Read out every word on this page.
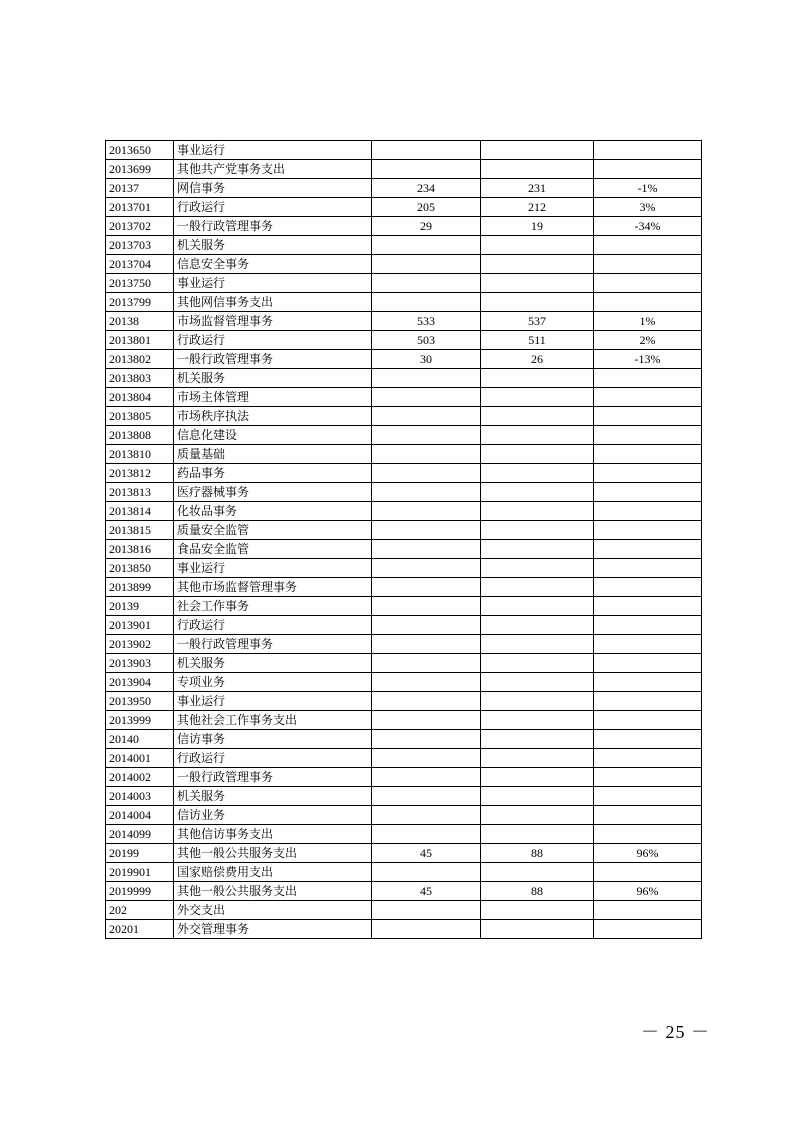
2013650	事业运行			
2013699	其他共产党事务支出			
20137	网信事务	234	231	-1%
2013701	行政运行	205	212	3%
2013702	一般行政管理事务	29	19	-34%
2013703	机关服务			
2013704	信息安全事务			
2013750	事业运行			
2013799	其他网信事务支出			
20138	市场监督管理事务	533	537	1%
2013801	行政运行	503	511	2%
2013802	一般行政管理事务	30	26	-13%
2013803	机关服务			
2013804	市场主体管理			
2013805	市场秩序执法			
2013808	信息化建设			
2013810	质量基础			
2013812	药品事务			
2013813	医疗器械事务			
2013814	化妆品事务			
2013815	质量安全监管			
2013816	食品安全监管			
2013850	事业运行			
2013899	其他市场监督管理事务			
20139	社会工作事务			
2013901	行政运行			
2013902	一般行政管理事务			
2013903	机关服务			
2013904	专项业务			
2013950	事业运行			
2013999	其他社会工作事务支出			
20140	信访事务			
2014001	行政运行			
2014002	一般行政管理事务			
2014003	机关服务			
2014004	信访业务			
2014099	其他信访事务支出			
20199	其他一般公共服务支出	45	88	96%
2019901	国家赔偿费用支出			
2019999	其他一般公共服务支出	45	88	96%
202	外交支出			
20201	外交管理事务			
－ 25 －
